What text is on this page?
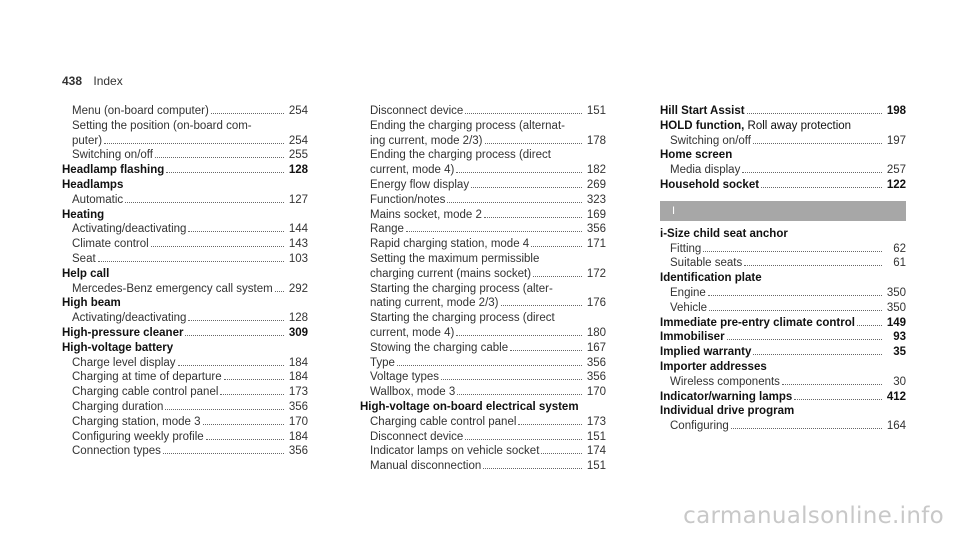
438 Index
Menu (on-board computer)	254
Setting the position (on-board com-
puter)	254
Switching on/off	255
Headlamp flashing	128
Headlamps
Automatic	127
Heating
Activating/deactivating	144
Climate control	143
Seat	103
Help call
Mercedes-Benz emergency call system 292
High beam
Activating/deactivating	128
High-pressure cleaner	309
High-voltage battery
Charge level display	184
Charging at time of departure	184
Charging cable control panel	173
Charging duration	356
Charging station, mode 3	170
Configuring weekly profile	184
Connection types	356
Disconnect device	151
Ending the charging process (alternat-
ing current, mode 2/3)	178
Ending the charging process (direct
current, mode 4)	182
Energy flow display	269
Function/notes	323
Mains socket, mode 2	169
Range	356
Rapid charging station, mode 4	171
Setting the maximum permissible
charging current (mains socket)	172
Starting the charging process (alter-
nating current, mode 2/3)	176
Starting the charging process (direct
current, mode 4)	180
Stowing the charging cable	167
Type	356
Voltage types	356
Wallbox, mode 3	170
High-voltage on-board electrical system
Charging cable control panel	173
Disconnect device	151
Indicator lamps on vehicle socket	174
Manual disconnection	151
Hill Start Assist	198
HOLD function, Roll away protection
Switching on/off	197
Home screen
Media display	257
Household socket	122
I
i-Size child seat anchor
Fitting	62
Suitable seats	61
Identification plate
Engine	350
Vehicle	350
Immediate pre-entry climate control	149
Immobiliser	93
Implied warranty	35
Importer addresses
Wireless components	30
Indicator/warning lamps	412
Individual drive program
Configuring	164
carmanualsonline.info
